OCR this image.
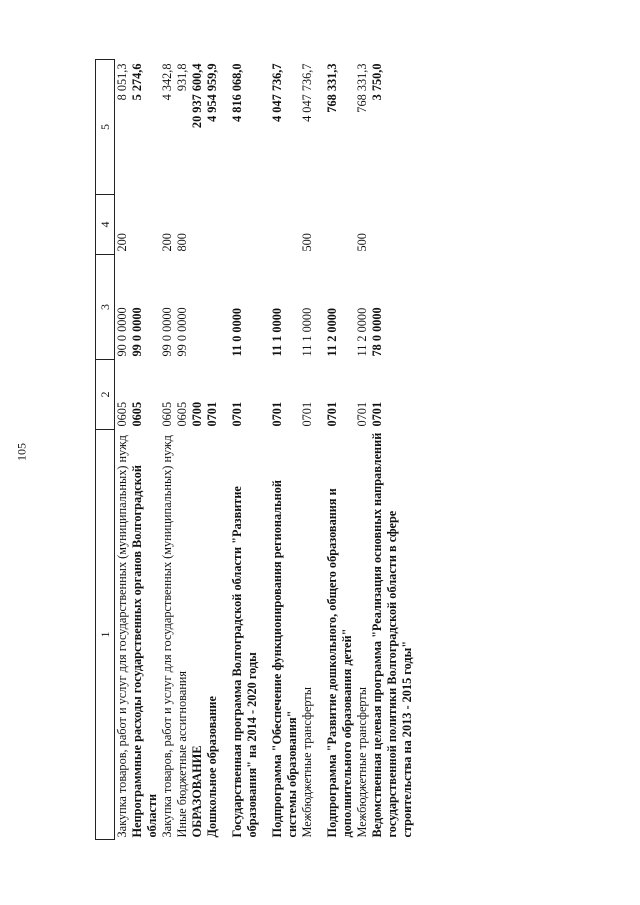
105
1	2	3	4	5
Закупка товаров, работ и услуг для государственных (муниципальных) нужд	0605	90 0 0000	200	8 051,3
Непрограммные расходы государственных органов Волгоградской области	0605	99 0 0000		5 274,6
Закупка товаров, работ и услуг для государственных (муниципальных) нужд	0605	99 0 0000	200	4 342,8
Иные бюджетные ассигнования	0605	99 0 0000	800	931,8
ОБРАЗОВАНИЕ	0700			20 937 600,4
Дошкольное образование	0701			4 954 959,9

Государственная программа Волгоградской области "Развитие образования" на 2014 - 2020 годы	0701	11 0 0000		4 816 068,0

Подпрограмма "Обеспечение функционирования региональной системы образования"	0701	11 1 0000		4 047 736,7
Межбюджетные трансферты	0701	11 1 0000	500	4 047 736,7

Подпрограмма "Развитие дошкольного, общего образования и дополнительного образования детей"	0701	11 2 0000		768 331,3
Межбюджетные трансферты	0701	11 2 0000	500	768 331,3
Ведомственная целевая программа "Реализация основных направлений государственной политики Волгоградской области в сфере строительства на 2013 - 2015 годы"	0701	78 0 0000		3 750,0
